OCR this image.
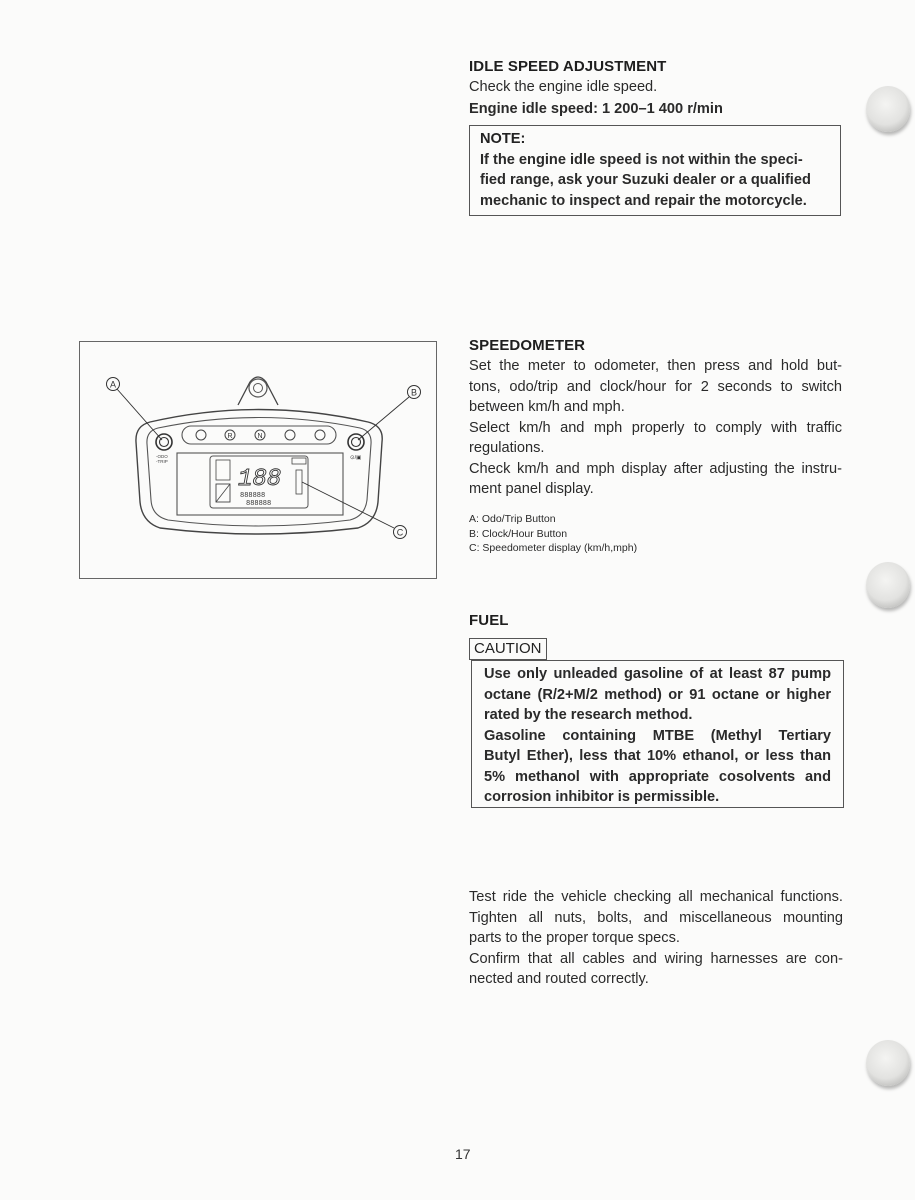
IDLE SPEED ADJUSTMENT
Check the engine idle speed.
Engine idle speed: 1 200–1 400 r/min
NOTE:
If the engine idle speed is not within the speci-
fied range, ask your Suzuki dealer or a qualified
mechanic to inspect and repair the motorcycle.
R	N
-ODO
-TRIP
⊙/▣
188
888888
888888
A
B
C
SPEEDOMETER
Set the meter to odometer, then press and hold but-
tons, odo/trip and clock/hour for 2 seconds to switch
between km/h and mph.
Select km/h and mph properly to comply with traffic
regulations.
Check km/h and mph display after adjusting the instru-
ment panel display.
A: Odo/Trip Button
B: Clock/Hour Button
C: Speedometer display (km/h,mph)
FUEL
CAUTION
Use only unleaded gasoline of at least 87 pump
octane (R/2+M/2 method) or 91 octane or higher
rated by the research method.
Gasoline containing MTBE (Methyl Tertiary
Butyl Ether), less that 10% ethanol, or less than
5% methanol with appropriate cosolvents and
corrosion inhibitor is permissible.
Test ride the vehicle checking all mechanical functions.
Tighten all nuts, bolts, and miscellaneous mounting
parts to the proper torque specs.
Confirm that all cables and wiring harnesses are con-
nected and routed correctly.
17
